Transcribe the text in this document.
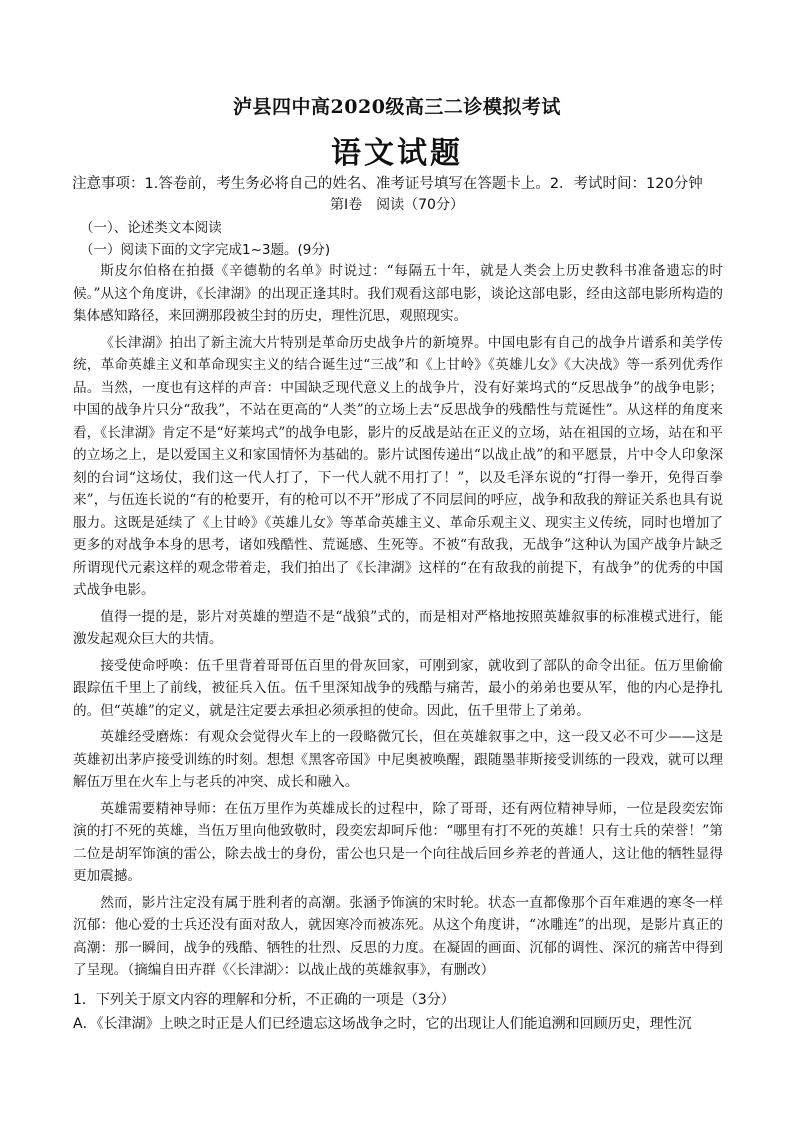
泸县四中高2020级高三二诊模拟考试
语文试题
注意事项：1.答卷前，考生务必将自己的姓名、准考证号填写在答题卡上。2．考试时间：120分钟
第Ⅰ卷　阅读（70分）
（一）、论述类文本阅读
（一）阅读下面的文字完成1~3题。(9分)

斯皮尔伯格在拍摄《辛德勒的名单》时说过：“每隔五十年，就是人类会上历史教科书准备遗忘的时候。”从这个角度讲，《长津湖》的出现正逢其时。我们观看这部电影，谈论这部电影，经由这部电影所构造的集体感知路径，来回溯那段被尘封的历史，理性沉思，观照现实。

《长津湖》拍出了新主流大片特别是革命历史战争片的新境界。中国电影有自己的战争片谱系和美学传统，革命英雄主义和革命现实主义的结合诞生过“三战”和《上甘岭》《英雄儿女》《大决战》等一系列优秀作品。当然，一度也有这样的声音：中国缺乏现代意义上的战争片，没有好莱坞式的“反思战争”的战争电影；中国的战争片只分“敌我”，不站在更高的“人类”的立场上去“反思战争的残酷性与荒诞性”。从这样的角度来看，《长津湖》肯定不是“好莱坞式”的战争电影，影片的反战是站在正义的立场，站在祖国的立场，站在和平的立场之上，是以爱国主义和家国情怀为基础的。影片试图传递出“以战止战”的和平愿景，片中令人印象深刻的台词“这场仗，我们这一代人打了，下一代人就不用打了！”，以及毛泽东说的“打得一拳开，免得百拳来”，与伍连长说的“有的枪要开，有的枪可以不开”形成了不同层间的呼应，战争和敌我的辩证关系也具有说服力。这既是延续了《上甘岭》《英雄儿女》等革命英雄主义、革命乐观主义、现实主义传统，同时也增加了更多的对战争本身的思考，诸如残酷性、荒诞感、生死等。不被“有敌我，无战争”这种认为国产战争片缺乏所谓现代元素这样的观念带着走，我们拍出了《长津湖》这样的“在有敌我的前提下，有战争”的优秀的中国式战争电影。

值得一提的是，影片对英雄的塑造不是“战狼”式的，而是相对严格地按照英雄叙事的标准模式进行，能激发起观众巨大的共情。

接受使命呼唤：伍千里背着哥哥伍百里的骨灰回家，可刚到家，就收到了部队的命令出征。伍万里偷偷跟踪伍千里上了前线，被征兵入伍。伍千里深知战争的残酷与痛苦，最小的弟弟也要从军，他的内心是挣扎的。但“英雄”的定义，就是注定要去承担必须承担的使命。因此，伍千里带上了弟弟。

英雄经受磨炼：有观众会觉得火车上的一段略微冗长，但在英雄叙事之中，这一段又必不可少——这是英雄初出茅庐接受训练的时刻。想想《黑客帝国》中尼奥被唤醒，跟随墨菲斯接受训练的一段戏，就可以理解伍万里在火车上与老兵的冲突、成长和融入。

英雄需要精神导师：在伍万里作为英雄成长的过程中，除了哥哥，还有两位精神导师，一位是段奕宏饰演的打不死的英雄，当伍万里向他致敬时，段奕宏却呵斥他：“哪里有打不死的英雄！只有士兵的荣誉！”第二位是胡军饰演的雷公，除去战士的身份，雷公也只是一个向往战后回乡养老的普通人，这让他的牺牲显得更加震撼。

然而，影片注定没有属于胜利者的高潮。张涵予饰演的宋时轮。状态一直都像那个百年难遇的寒冬一样沉郁：他心爱的士兵还没有面对敌人，就因寒冷而被冻死。从这个角度讲，“冰雕连”的出现，是影片真正的高潮：那一瞬间，战争的残酷、牺牲的壮烈、反思的力度。在凝固的画面、沉郁的调性、深沉的痛苦中得到了呈现。（摘编自田卉群《〈长津湖〉：以战止战的英雄叙事》，有删改）

1．下列关于原文内容的理解和分析，不正确的一项是（3分）
A．《长津湖》上映之时正是人们已经遗忘这场战争之时，它的出现让人们能追溯和回顾历史，理性沉
